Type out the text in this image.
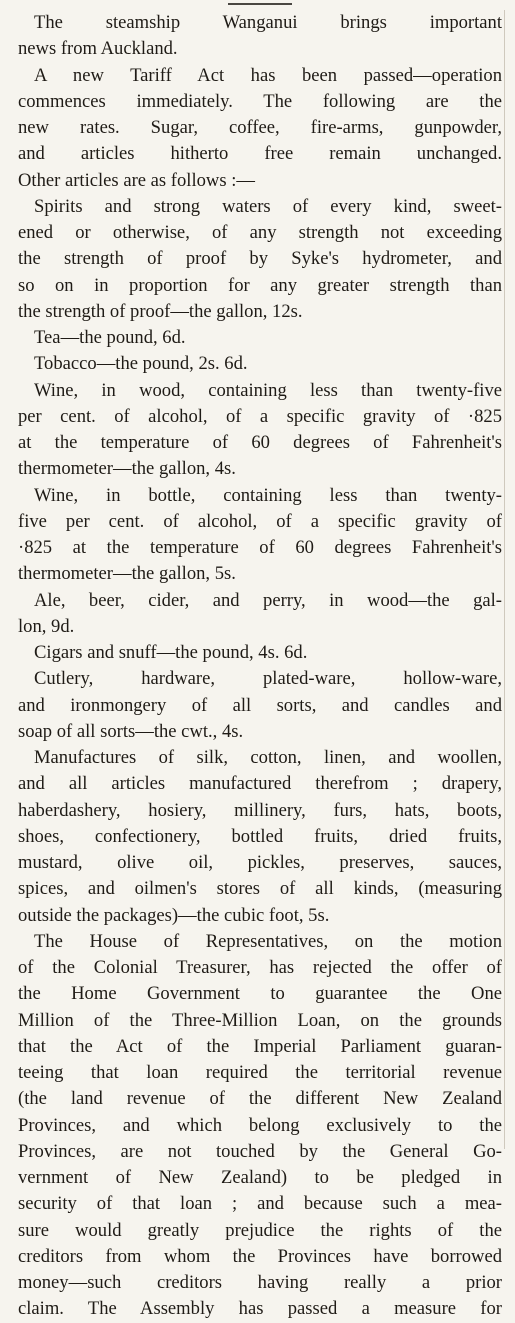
The steamship Wanganui brings important
news from Auckland.
A new Tariff Act has been passed—operation
commences immediately. The following are the
new rates. Sugar, coffee, fire-arms, gunpowder,
and articles hitherto free remain unchanged.
Other articles are as follows :—
Spirits and strong waters of every kind, sweet-
ened or otherwise, of any strength not exceeding
the strength of proof by Syke's hydrometer, and
so on in proportion for any greater strength than
the strength of proof—the gallon, 12s.
Tea—the pound, 6d.
Tobacco—the pound, 2s. 6d.
Wine, in wood, containing less than twenty-five
per cent. of alcohol, of a specific gravity of ·825
at the temperature of 60 degrees of Fahrenheit's
thermometer—the gallon, 4s.
Wine, in bottle, containing less than twenty-
five per cent. of alcohol, of a specific gravity of
·825 at the temperature of 60 degrees Fahrenheit's
thermometer—the gallon, 5s.
Ale, beer, cider, and perry, in wood—the gal-
lon, 9d.
Cigars and snuff—the pound, 4s. 6d.
Cutlery, hardware, plated-ware, hollow-ware,
and ironmongery of all sorts, and candles and
soap of all sorts—the cwt., 4s.
Manufactures of silk, cotton, linen, and woollen,
and all articles manufactured therefrom ; drapery,
haberdashery, hosiery, millinery, furs, hats, boots,
shoes, confectionery, bottled fruits, dried fruits,
mustard, olive oil, pickles, preserves, sauces,
spices, and oilmen's stores of all kinds, (measuring
outside the packages)—the cubic foot, 5s.
The House of Representatives, on the motion
of the Colonial Treasurer, has rejected the offer of
the Home Government to guarantee the One
Million of the Three-Million Loan, on the grounds
that the Act of the Imperial Parliament guaran-
teeing that loan required the territorial revenue
(the land revenue of the different New Zealand
Provinces, and which belong exclusively to the
Provinces, are not touched by the General Go-
vernment of New Zealand) to be pledged in
security of that loan ; and because such a mea-
sure would greatly prejudice the rights of the
creditors from whom the Provinces have borrowed
money—such creditors having really a prior
claim. The Assembly has passed a measure for
